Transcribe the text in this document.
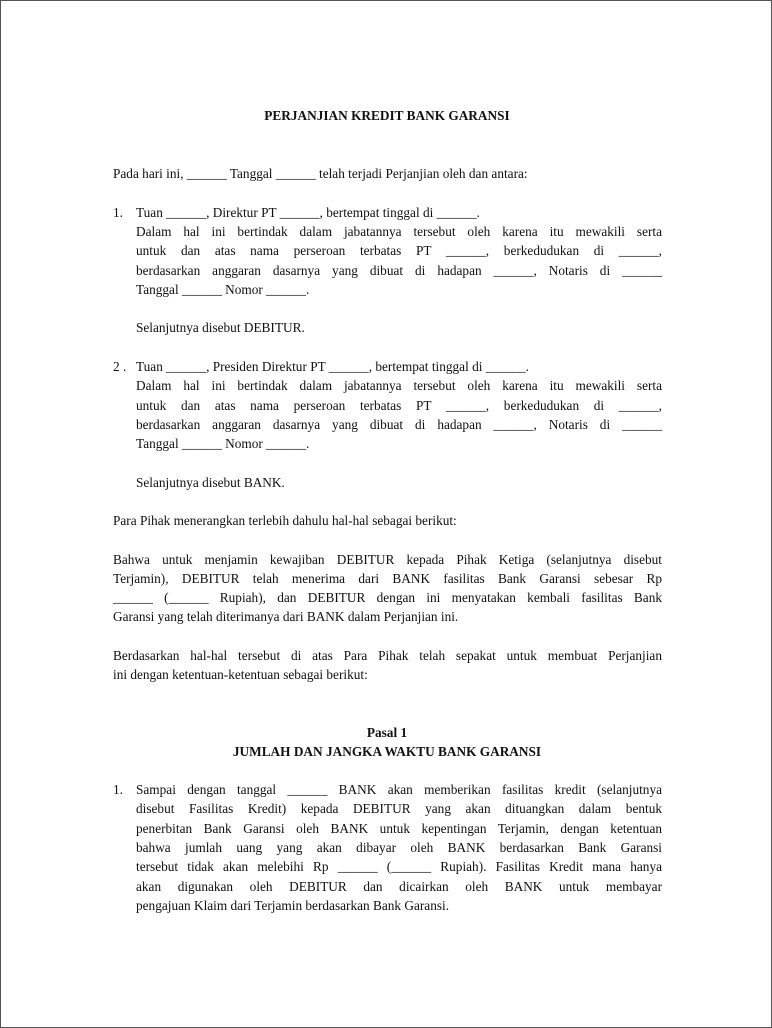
PERJANJIAN KREDIT BANK GARANSI
Pada hari ini, ______ Tanggal ______ telah terjadi Perjanjian oleh dan antara:
1. Tuan ______, Direktur PT ______, bertempat tinggal di ______.
Dalam hal ini bertindak dalam jabatannya tersebut oleh karena itu mewakili serta
untuk dan atas nama perseroan terbatas PT ______, berkedudukan di ______,
berdasarkan anggaran dasarnya yang dibuat di hadapan ______, Notaris di ______
Tanggal ______ Nomor ______.
Selanjutnya disebut DEBITUR.
2 . Tuan ______, Presiden Direktur PT ______, bertempat tinggal di ______.
Dalam hal ini bertindak dalam jabatannya tersebut oleh karena itu mewakili serta
untuk dan atas nama perseroan terbatas PT ______, berkedudukan di ______,
berdasarkan anggaran dasarnya yang dibuat di hadapan ______, Notaris di ______
Tanggal ______ Nomor ______.
Selanjutnya disebut BANK.
Para Pihak menerangkan terlebih dahulu hal-hal sebagai berikut:
Bahwa untuk menjamin kewajiban DEBITUR kepada Pihak Ketiga (selanjutnya disebut
Terjamin), DEBITUR telah menerima dari BANK fasilitas Bank Garansi sebesar Rp
______ (______ Rupiah), dan DEBITUR dengan ini menyatakan kembali fasilitas Bank
Garansi yang telah diterimanya dari BANK dalam Perjanjian ini.
Berdasarkan hal-hal tersebut di atas Para Pihak telah sepakat untuk membuat Perjanjian
ini dengan ketentuan-ketentuan sebagai berikut:
Pasal 1
JUMLAH DAN JANGKA WAKTU BANK GARANSI
1. Sampai dengan tanggal ______ BANK akan memberikan fasilitas kredit (selanjutnya
disebut Fasilitas Kredit) kepada DEBITUR yang akan dituangkan dalam bentuk
penerbitan Bank Garansi oleh BANK untuk kepentingan Terjamin, dengan ketentuan
bahwa jumlah uang yang akan dibayar oleh BANK berdasarkan Bank Garansi
tersebut tidak akan melebihi Rp ______ (______ Rupiah). Fasilitas Kredit mana hanya
akan digunakan oleh DEBITUR dan dicairkan oleh BANK untuk membayar
pengajuan Klaim dari Terjamin berdasarkan Bank Garansi.
